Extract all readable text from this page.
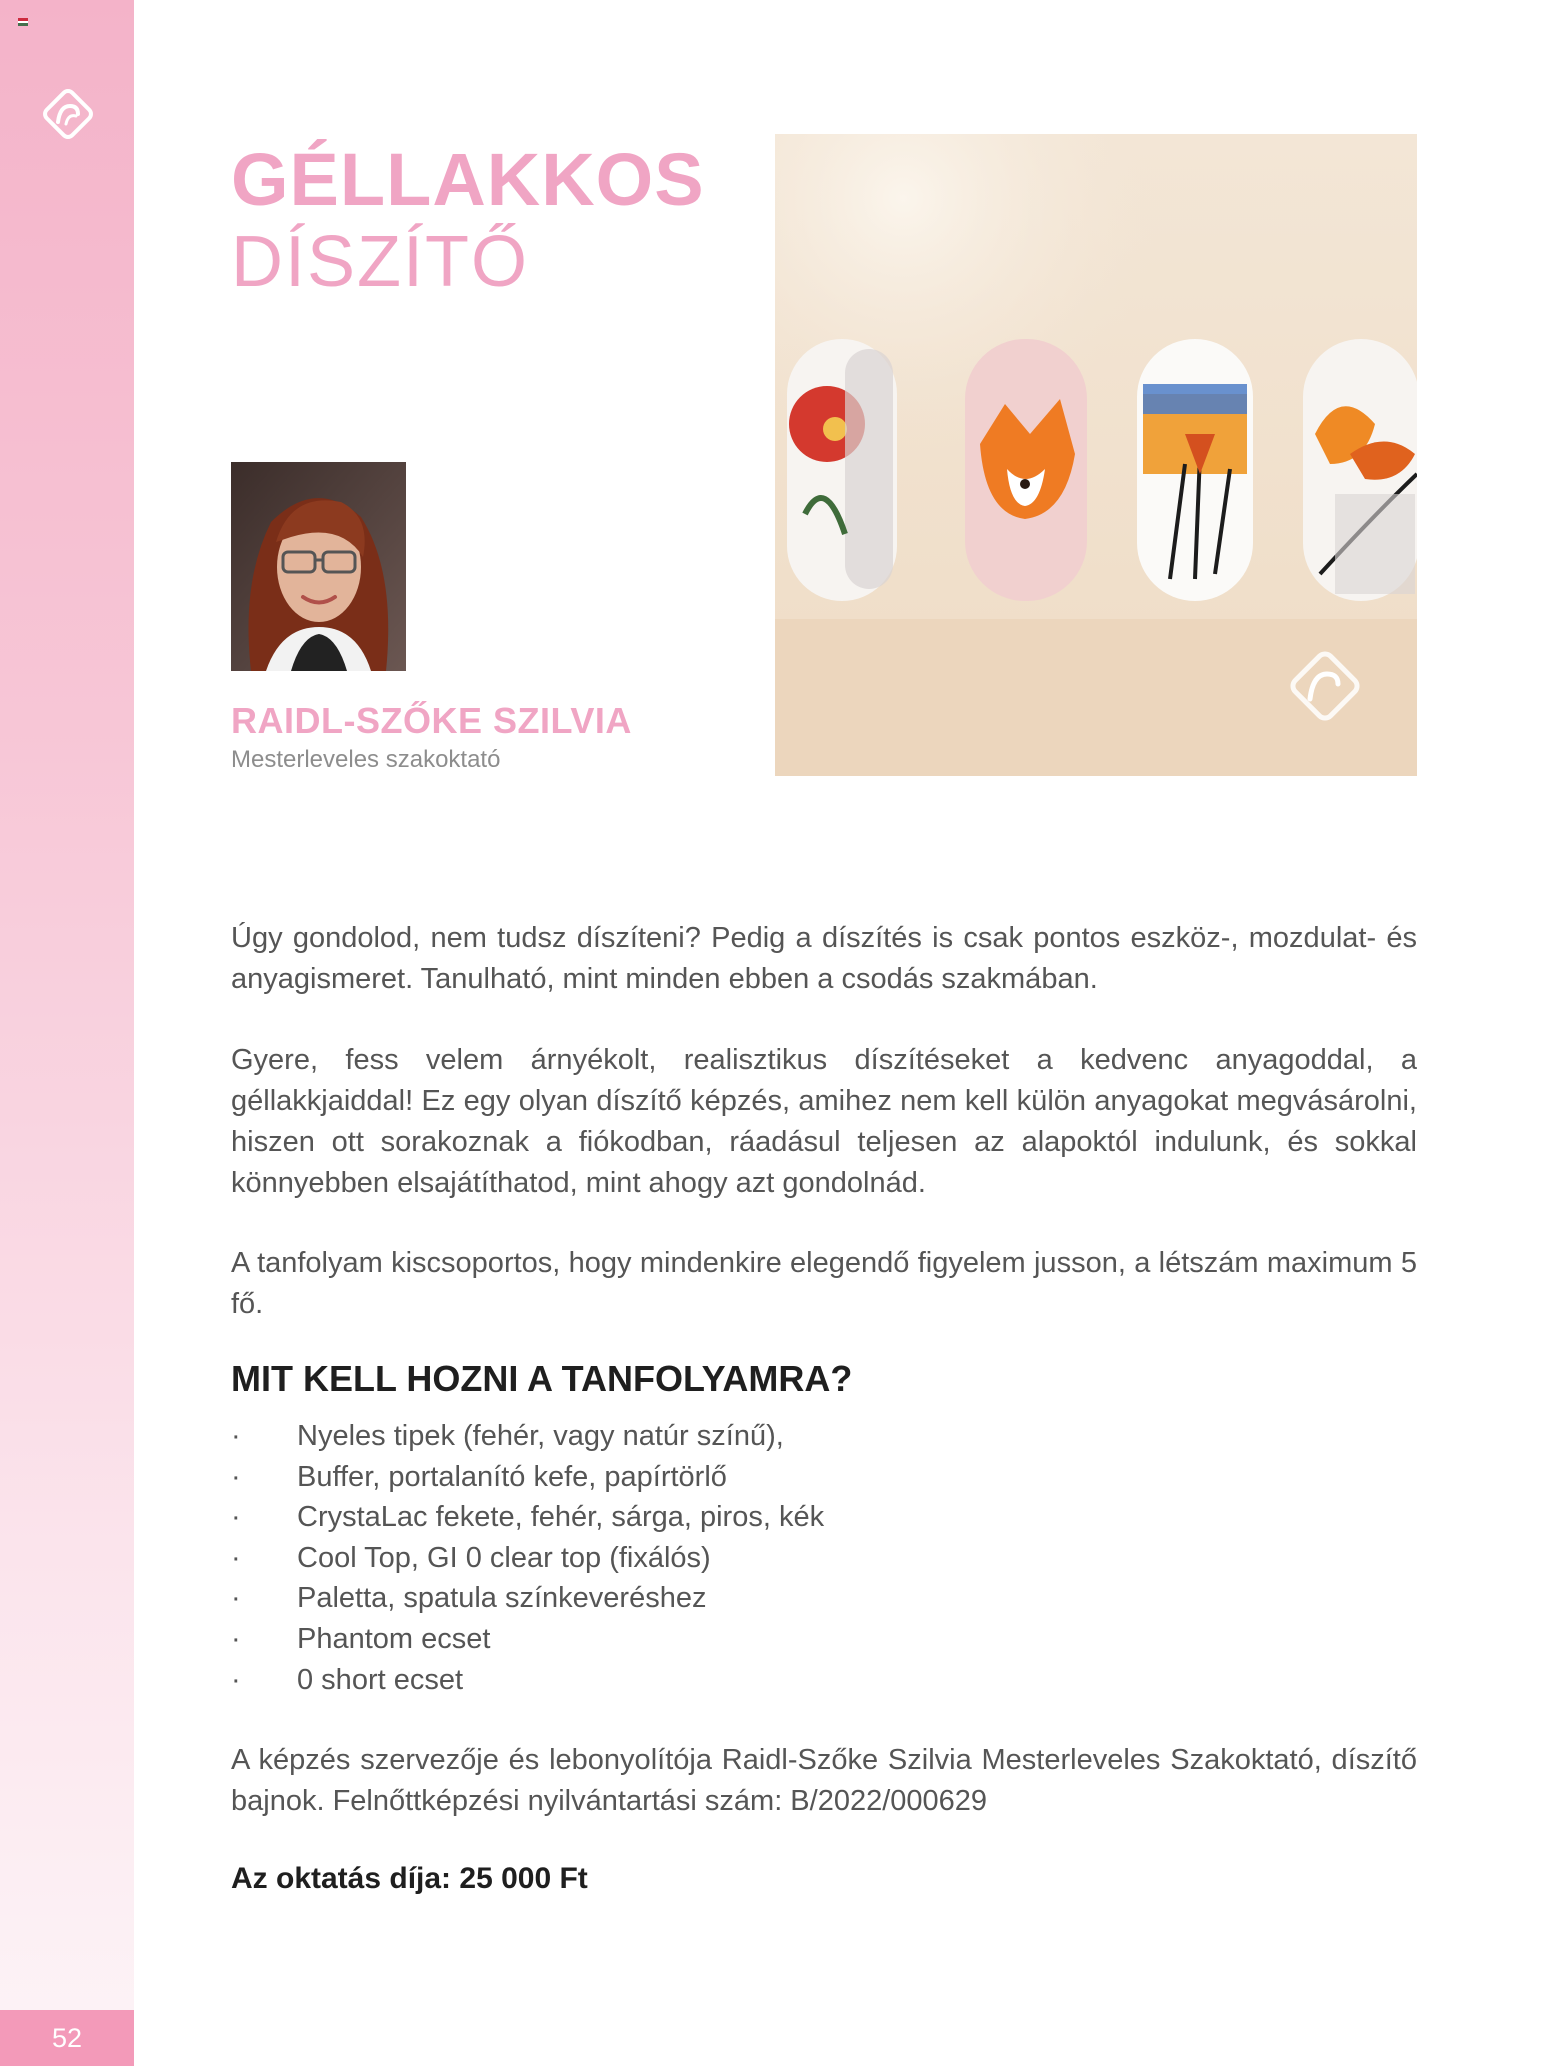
52
GÉLLAKKOS
DÍSZÍTŐ
RAIDL-SZŐKE SZILVIA
Mesterleveles szakoktató

Úgy gondolod, nem tudsz díszíteni? Pedig a díszítés is csak pontos eszköz-, mozdulat- és anyagismeret. Tanulható, mint minden ebben a csodás szakmában.

Gyere, fess velem árnyékolt, realisztikus díszítéseket a kedvenc anyagoddal, a géllakkjaiddal! Ez egy olyan díszítő képzés, amihez nem kell külön anyagokat megvásárolni, hiszen ott sorakoznak a fiókodban, ráadásul teljesen az alapoktól indulunk, és sokkal könnyebben elsajátíthatod, mint ahogy azt gondolnád.

A tanfolyam kiscsoportos, hogy mindenkire elegendő figyelem jusson, a létszám maximum 5 fő.

MIT KELL HOZNI A TANFOLYAMRA?
· Nyeles tipek (fehér, vagy natúr színű),
· Buffer, portalanító kefe, papírtörlő
· CrystaLac fekete, fehér, sárga, piros, kék
· Cool Top, GI 0 clear top (fixálós)
· Paletta, spatula színkeveréshez
· Phantom ecset
· 0 short ecset

A képzés szervezője és lebonyolítója Raidl-Szőke Szilvia Mesterleveles Szakoktató, díszítő bajnok. Felnőttképzési nyilvántartási szám: B/2022/000629

Az oktatás díja: 25 000 Ft
